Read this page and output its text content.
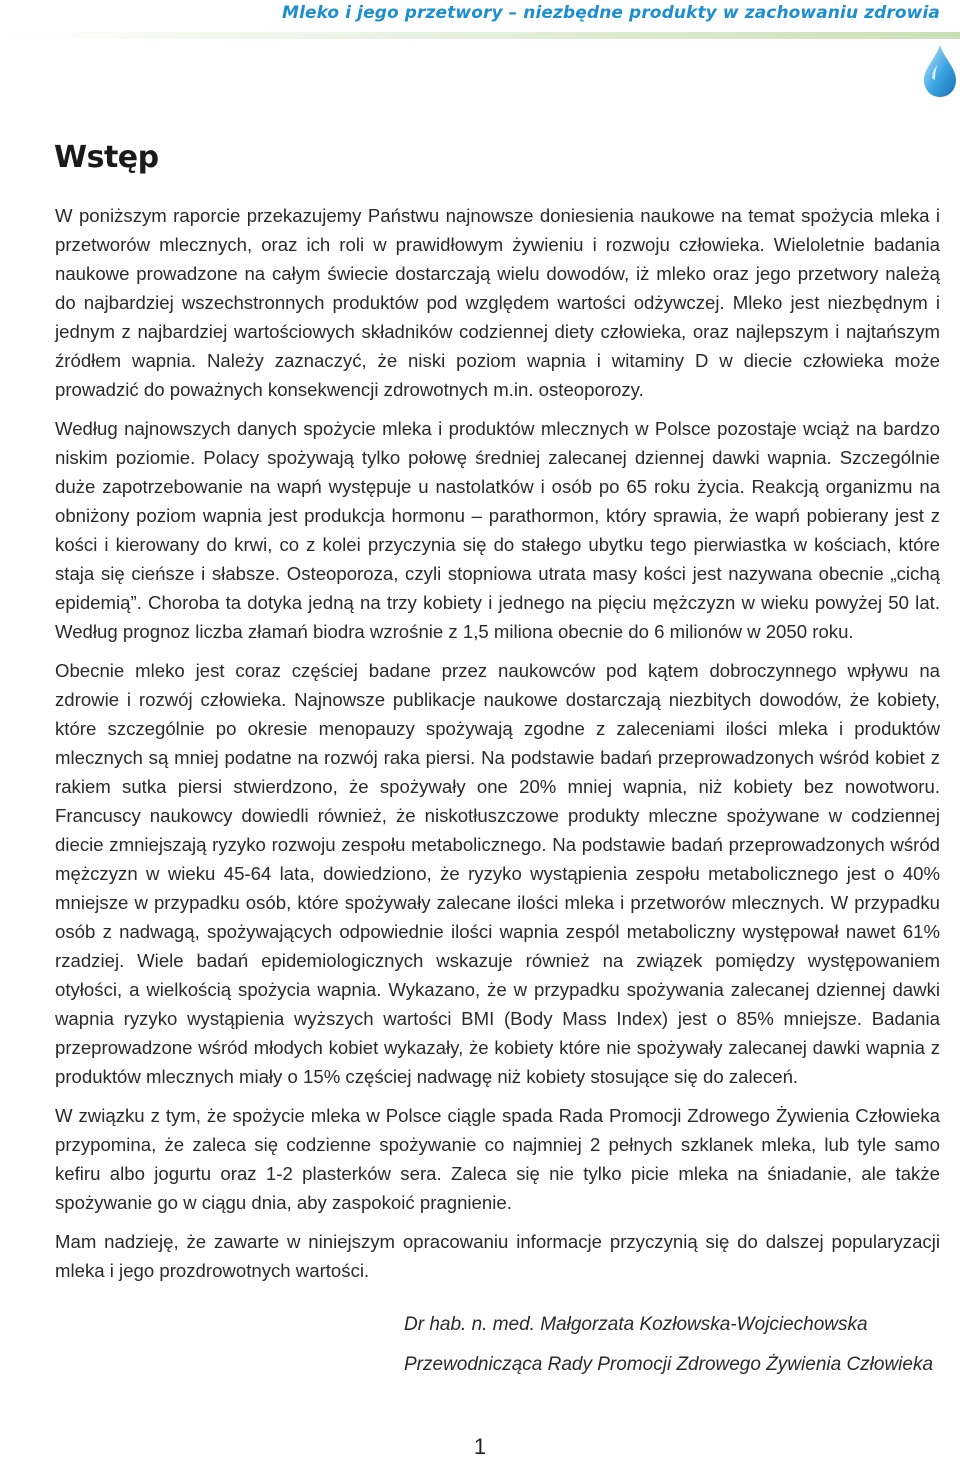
Mleko i jego przetwory – niezbędne produkty w zachowaniu zdrowia
Wstęp

W poniższym raporcie przekazujemy Państwu najnowsze doniesienia naukowe na temat spożycia mleka i przetworów mlecznych, oraz ich roli w prawidłowym żywieniu i rozwoju człowieka. Wieloletnie badania naukowe prowadzone na całym świecie dostarczają wielu dowodów, iż mleko oraz jego przetwory należą do najbardziej wszechstronnych produktów pod względem wartości odżywczej. Mleko jest niezbędnym i jednym z najbardziej wartościowych składników codziennej diety człowieka, oraz najlepszym i najtańszym źródłem wapnia. Należy zaznaczyć, że niski poziom wapnia i witaminy D w diecie człowieka może prowadzić do poważnych konsekwencji zdrowotnych m.in. osteoporozy.

Według najnowszych danych spożycie mleka i produktów mlecznych w Polsce pozostaje wciąż na bardzo niskim poziomie. Polacy spożywają tylko połowę średniej zalecanej dziennej dawki wapnia. Szczególnie duże zapotrzebowanie na wapń występuje u nastolatków i osób po 65 roku życia. Reakcją organizmu na obniżony poziom wapnia jest produkcja hormonu – parathormon, który sprawia, że wapń pobierany jest z kości i kierowany do krwi, co z kolei przyczynia się do stałego ubytku tego pierwiastka w kościach, które staja się cieńsze i słabsze. Osteoporoza, czyli stopniowa utrata masy kości jest nazywana obecnie „cichą epidemią”. Choroba ta dotyka jedną na trzy kobiety i jednego na pięciu mężczyzn w wieku powyżej 50 lat. Według prognoz liczba złamań biodra wzrośnie z 1,5 miliona obecnie do 6 milionów w 2050 roku.

Obecnie mleko jest coraz częściej badane przez naukowców pod kątem dobroczynnego wpływu na zdrowie i rozwój człowieka. Najnowsze publikacje naukowe dostarczają niezbitych dowodów, że kobiety, które szczególnie po okresie menopauzy spożywają zgodne z zaleceniami ilości mleka i produktów mlecznych są mniej podatne na rozwój raka piersi. Na podstawie badań przeprowadzonych wśród kobiet z rakiem sutka piersi stwierdzono, że spożywały one 20% mniej wapnia, niż kobiety bez nowotworu. Francuscy naukowcy dowiedli również, że niskotłuszczowe produkty mleczne spożywane w codziennej diecie zmniejszają ryzyko rozwoju zespołu metabolicznego. Na podstawie badań przeprowadzonych wśród mężczyzn w wieku 45-64 lata, dowiedziono, że ryzyko wystąpienia zespołu metabolicznego jest o 40% mniejsze w przypadku osób, które spożywały zalecane ilości mleka i przetworów mlecznych. W przypadku osób z nadwagą, spożywających odpowiednie ilości wapnia zespól metaboliczny występował nawet 61% rzadziej. Wiele badań epidemiologicznych wskazuje również na związek pomiędzy występowaniem otyłości, a wielkością spożycia wapnia. Wykazano, że w przypadku spożywania zalecanej dziennej dawki wapnia ryzyko wystąpienia wyższych wartości BMI (Body Mass Index) jest o 85% mniejsze. Badania przeprowadzone wśród młodych kobiet wykazały, że kobiety które nie spożywały zalecanej dawki wapnia z produktów mlecznych miały o 15% częściej nadwagę niż kobiety stosujące się do zaleceń.

W związku z tym, że spożycie mleka w Polsce ciągle spada Rada Promocji Zdrowego Żywienia Człowieka przypomina, że zaleca się codzienne spożywanie co najmniej 2 pełnych szklanek mleka, lub tyle samo kefiru albo jogurtu oraz 1-2 plasterków sera. Zaleca się nie tylko picie mleka na śniadanie, ale także spożywanie go w ciągu dnia, aby zaspokoić pragnienie.

Mam nadzieję, że zawarte w niniejszym opracowaniu informacje przyczynią się do dalszej popularyzacji mleka i jego prozdrowotnych wartości.

Dr hab. n. med. Małgorzata Kozłowska-Wojciechowska
Przewodnicząca Rady Promocji Zdrowego Żywienia Człowieka
1
